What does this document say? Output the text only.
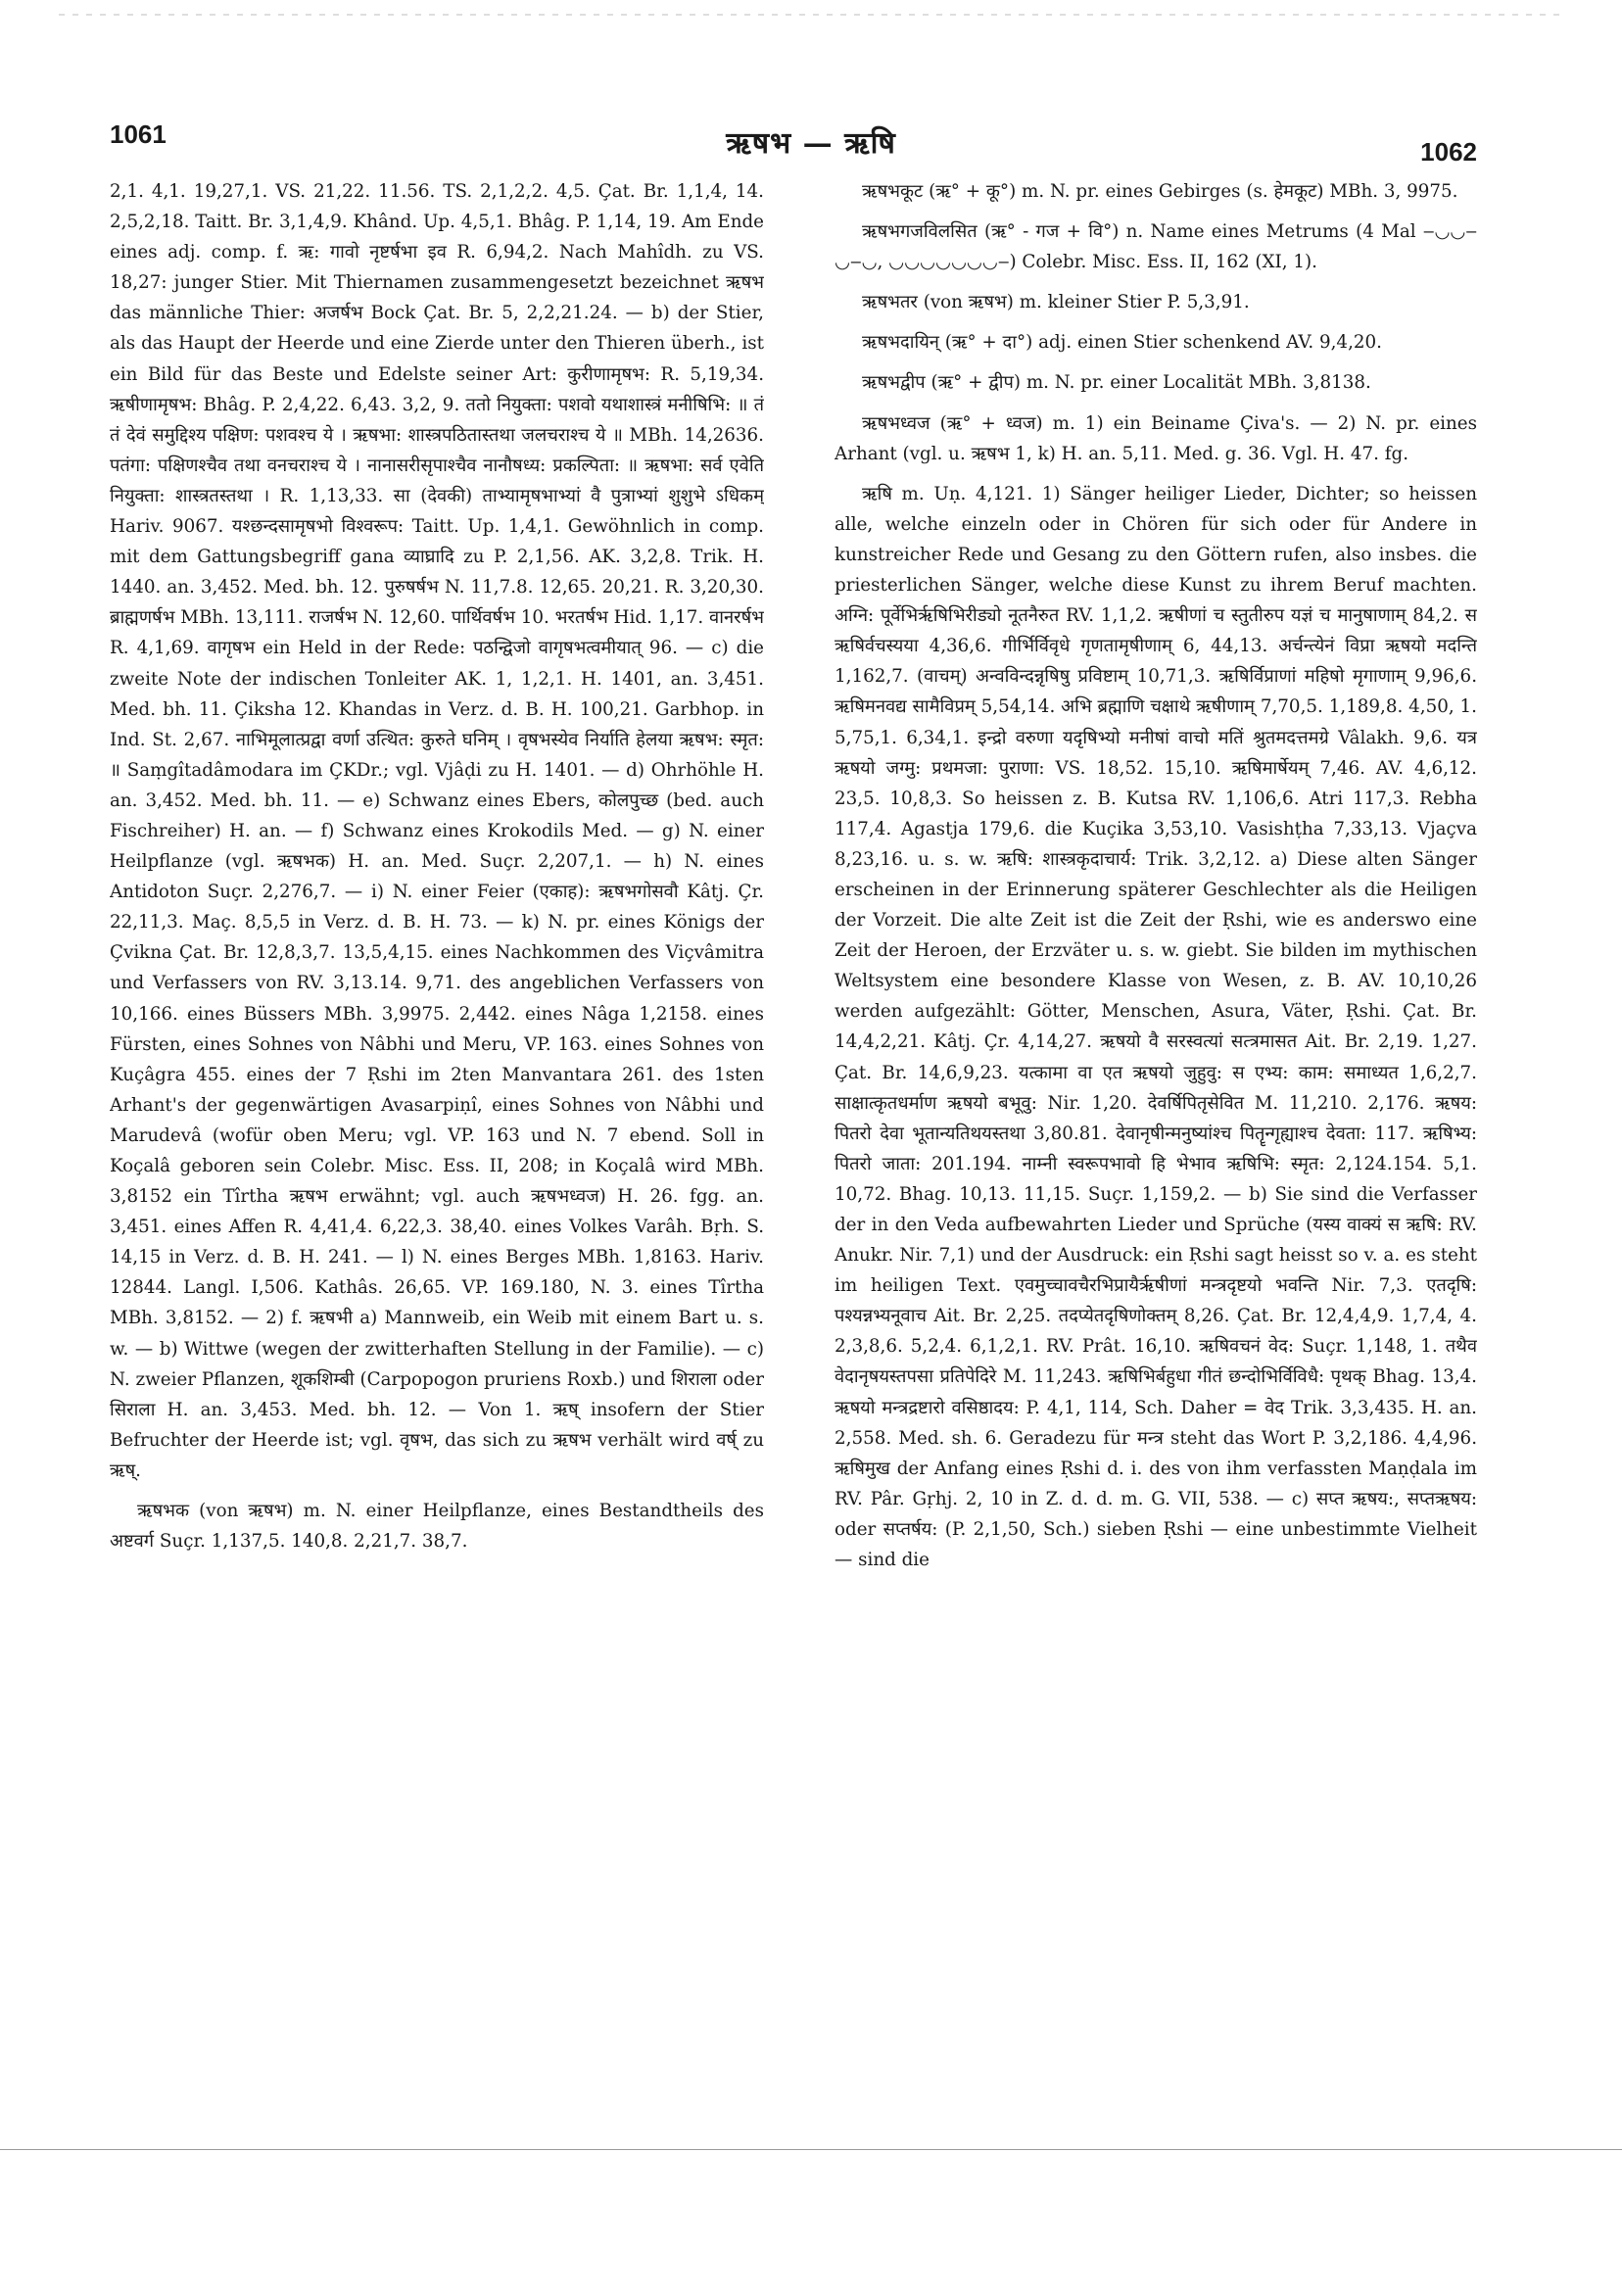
1061	ऋषभ — ऋषि	1062

2,1. 4,1. 19,27,1. VS. 21,22. 11.56. TS. 2,1,2,2. 4,5. Çat. Br. 1,1,4, 14. 2,5,2,18. Taitt. Br. 3,1,4,9. Khând. Up. 4,5,1. Bhâg. P. 1,14, 19. Am Ende eines adj. comp. f. ऋ: गावो नृष्टर्षभा इव R. 6,94,2. Nach Mahîdh. zu VS. 18,27: junger Stier. Mit Thiernamen zusammengesetzt bezeichnet ऋषभ das männliche Thier: अजर्षभ Bock Çat. Br. 5, 2,2,21.24. — b) der Stier, als das Haupt der Heerde und eine Zierde unter den Thieren überh., ist ein Bild für das Beste und Edelste seiner Art: कुरीणामृषभ: R. 5,19,34. ऋषीणामृषभ: Bhâg. P. 2,4,22. 6,43. 3,2, 9. ततो नियुक्ता: पशवो यथाशास्त्रं मनीषिभि: ॥ तं तं देवं समुद्दिश्य पक्षिण: पशवश्च ये । ऋषभा: शास्त्रपठितास्तथा जलचराश्च ये ॥ MBh. 14,2636. पतंगा: पक्षिणश्चैव तथा वनचराश्च ये । नानासरीसृपाश्चैव नानौषध्य: प्रकल्पिता: ॥ ऋषभा: सर्व एवेति नियुक्ता: शास्त्रतस्तथा । R. 1,13,33. सा (देवकी) ताभ्यामृषभाभ्यां वै पुत्राभ्यां शुशुभे ऽधिकम् Hariv. 9067. यश्छन्दसामृषभो विश्वरूप: Taitt. Up. 1,4,1. Gewöhnlich in comp. mit dem Gattungsbegriff gana व्याघ्रादि zu P. 2,1,56. AK. 3,2,8. Trik. H. 1440. an. 3,452. Med. bh. 12. पुरुषर्षभ N. 11,7.8. 12,65. 20,21. R. 3,20,30. ब्राह्मणर्षभ MBh. 13,111. राजर्षभ N. 12,60. पार्थिवर्षभ 10. भरतर्षभ Hid. 1,17. वानरर्षभ R. 4,1,69. वागृषभ ein Held in der Rede: पठन्द्विजो वागृषभत्वमीयात् 96. — c) die zweite Note der indischen Tonleiter AK. 1, 1,2,1. H. 1401, an. 3,451. Med. bh. 11. Çiksha 12. Khandas in Verz. d. B. H. 100,21. Garbhop. in Ind. St. 2,67. नाभिमूलात्प्रद्वा वर्णा उत्थित: कुरुते घनिम् । वृषभस्येव निर्याति हेलया ऋषभ: स्मृत: ॥ Saṃgîtadâmodara im ÇKDr.; vgl. Vjâḍi zu H. 1401. — d) Ohrhöhle H. an. 3,452. Med. bh. 11. — e) Schwanz eines Ebers, कोलपुच्छ (bed. auch Fischreiher) H. an. — f) Schwanz eines Krokodils Med. — g) N. einer Heilpflanze (vgl. ऋषभक) H. an. Med. Suçr. 2,207,1. — h) N. eines Antidoton Suçr. 2,276,7. — i) N. einer Feier (एकाह): ऋषभगोसवौ Kâtj. Çr. 22,11,3. Maç. 8,5,5 in Verz. d. B. H. 73. — k) N. pr. eines Königs der Çvikna Çat. Br. 12,8,3,7. 13,5,4,15. eines Nachkommen des Viçvâmitra und Verfassers von RV. 3,13.14. 9,71. des angeblichen Verfassers von 10,166. eines Büssers MBh. 3,9975. 2,442. eines Nâga 1,2158. eines Fürsten, eines Sohnes von Nâbhi und Meru, VP. 163. eines Sohnes von Kuçâgra 455. eines der 7 Ṛshi im 2ten Manvantara 261. des 1sten Arhant's der gegenwärtigen Avasarpiṇî, eines Sohnes von Nâbhi und Marudevâ (wofür oben Meru; vgl. VP. 163 und N. 7 ebend. Soll in Koçalâ geboren sein Colebr. Misc. Ess. II, 208; in Koçalâ wird MBh. 3,8152 ein Tîrtha ऋषभ erwähnt; vgl. auch ऋषभध्वज) H. 26. fgg. an. 3,451. eines Affen R. 4,41,4. 6,22,3. 38,40. eines Volkes Varâh. Bṛh. S. 14,15 in Verz. d. B. H. 241. — l) N. eines Berges MBh. 1,8163. Hariv. 12844. Langl. I,506. Kathâs. 26,65. VP. 169.180, N. 3. eines Tîrtha MBh. 3,8152. — 2) f. ऋषभी a) Mannweib, ein Weib mit einem Bart u. s. w. — b) Wittwe (wegen der zwitterhaften Stellung in der Familie). — c) N. zweier Pflanzen, शूकशिम्बी (Carpopogon pruriens Roxb.) und शिराला oder सिराला H. an. 3,453. Med. bh. 12. — Von 1. ऋष् insofern der Stier Befruchter der Heerde ist; vgl. वृषभ, das sich zu ऋषभ verhält wird वर्ष् zu ऋष्.

ऋषभक (von ऋषभ) m. N. einer Heilpflanze, eines Bestandtheils des अष्टवर्ग Suçr. 1,137,5. 140,8. 2,21,7. 38,7.

ऋषभकूट (ऋ° + कू°) m. N. pr. eines Gebirges (s. हेमकूट) MBh. 3, 9975.

ऋषभगजविलसित (ऋ° - गज + वि°) n. Name eines Metrums (4 Mal ‒◡◡‒◡‒◡, ◡◡◡◡◡◡◡‒) Colebr. Misc. Ess. II, 162 (XI, 1).

ऋषभतर (von ऋषभ) m. kleiner Stier P. 5,3,91.

ऋषभदायिन् (ऋ° + दा°) adj. einen Stier schenkend AV. 9,4,20.

ऋषभद्वीप (ऋ° + द्वीप) m. N. pr. einer Localität MBh. 3,8138.

ऋषभध्वज (ऋ° + ध्वज) m. 1) ein Beiname Çiva's. — 2) N. pr. eines Arhant (vgl. u. ऋषभ 1, k) H. an. 5,11. Med. g. 36. Vgl. H. 47. fg.

ऋषि m. Uṇ. 4,121. 1) Sänger heiliger Lieder, Dichter; so heissen alle, welche einzeln oder in Chören für sich oder für Andere in kunstreicher Rede und Gesang zu den Göttern rufen, also insbes. die priesterlichen Sänger, welche diese Kunst zu ihrem Beruf machten. अग्नि: पूर्वेभिर्ऋषिभिरीड्यो नूतनैरुत RV. 1,1,2. ऋषीणां च स्तुतीरुप यज्ञं च मानुषाणाम् 84,2. स ऋषिर्वचस्यया 4,36,6. गीर्भिर्विवृधे गृणतामृषीणाम् 6, 44,13. अर्चन्त्येनं विप्रा ऋषयो मदन्ति 1,162,7. (वाचम्) अन्वविन्दन्नृषिषु प्रविष्टाम् 10,71,3. ऋषिर्विप्राणां महिषो मृगाणाम् 9,96,6. ऋषिमनवद्य सामैविप्रम् 5,54,14. अभि ब्रह्माणि चक्षाथे ऋषीणाम् 7,70,5. 1,189,8. 4,50, 1. 5,75,1. 6,34,1. इन्द्रो वरुणा यदृषिभ्यो मनीषां वाचो मतिं श्रुतमदत्तमग्रे Vâlakh. 9,6. यत्र ऋषयो जग्मु: प्रथमजा: पुराणा: VS. 18,52. 15,10. ऋषिमार्षेयम् 7,46. AV. 4,6,12. 23,5. 10,8,3. So heissen z. B. Kutsa RV. 1,106,6. Atri 117,3. Rebha 117,4. Agastja 179,6. die Kuçika 3,53,10. Vasishṭha 7,33,13. Vjaçva 8,23,16. u. s. w. ऋषि: शास्त्रकृदाचार्य: Trik. 3,2,12. a) Diese alten Sänger erscheinen in der Erinnerung späterer Geschlechter als die Heiligen der Vorzeit. Die alte Zeit ist die Zeit der Ṛshi, wie es anderswo eine Zeit der Heroen, der Erzväter u. s. w. giebt. Sie bilden im mythischen Weltsystem eine besondere Klasse von Wesen, z. B. AV. 10,10,26 werden aufgezählt: Götter, Menschen, Asura, Väter, Ṛshi. Çat. Br. 14,4,2,21. Kâtj. Çr. 4,14,27. ऋषयो वै सरस्वत्यां सत्त्रमासत Ait. Br. 2,19. 1,27. Çat. Br. 14,6,9,23. यत्कामा वा एत ऋषयो जुहुवु: स एभ्य: काम: समाध्यत 1,6,2,7. साक्षात्कृतधर्माण ऋषयो बभूवु: Nir. 1,20. देवर्षिपितृसेवित M. 11,210. 2,176. ऋषय: पितरो देवा भूतान्यतिथयस्तथा 3,80.81. देवानृषीन्मनुष्यांश्च पितॄन्गृह्याश्च देवता: 117. ऋषिभ्य: पितरो जाता: 201.194. नाम्नी स्वरूपभावो हि भेभाव ऋषिभि: स्मृत: 2,124.154. 5,1. 10,72. Bhag. 10,13. 11,15. Suçr. 1,159,2. — b) Sie sind die Verfasser der in den Veda aufbewahrten Lieder und Sprüche (यस्य वाक्यं स ऋषि: RV. Anukr. Nir. 7,1) und der Ausdruck: ein Ṛshi sagt heisst so v. a. es steht im heiligen Text. एवमुच्चावचैरभिप्रायैर्ऋषीणां मन्त्रदृष्टयो भवन्ति Nir. 7,3. एतदृषि: पश्यन्नभ्यनूवाच Ait. Br. 2,25. तदप्येतदृषिणोक्तम् 8,26. Çat. Br. 12,4,4,9. 1,7,4, 4. 2,3,8,6. 5,2,4. 6,1,2,1. RV. Prât. 16,10. ऋषिवचनं वेद: Suçr. 1,148, 1. तथैव वेदानृषयस्तपसा प्रतिपेदिरे M. 11,243. ऋषिभिर्बहुधा गीतं छन्दोभिर्विविधै: पृथक् Bhag. 13,4. ऋषयो मन्त्रद्रष्टारो वसिष्ठादय: P. 4,1, 114, Sch. Daher = वेद Trik. 3,3,435. H. an. 2,558. Med. sh. 6. Geradezu für मन्त्र steht das Wort P. 3,2,186. 4,4,96. ऋषिमुख der Anfang eines Ṛshi d. i. des von ihm verfassten Maṇḍala im RV. Pâr. Gṛhj. 2, 10 in Z. d. d. m. G. VII, 538. — c) सप्त ऋषय:, सप्तऋषय: oder सप्तर्षय: (P. 2,1,50, Sch.) sieben Ṛshi — eine unbestimmte Vielheit — sind die
